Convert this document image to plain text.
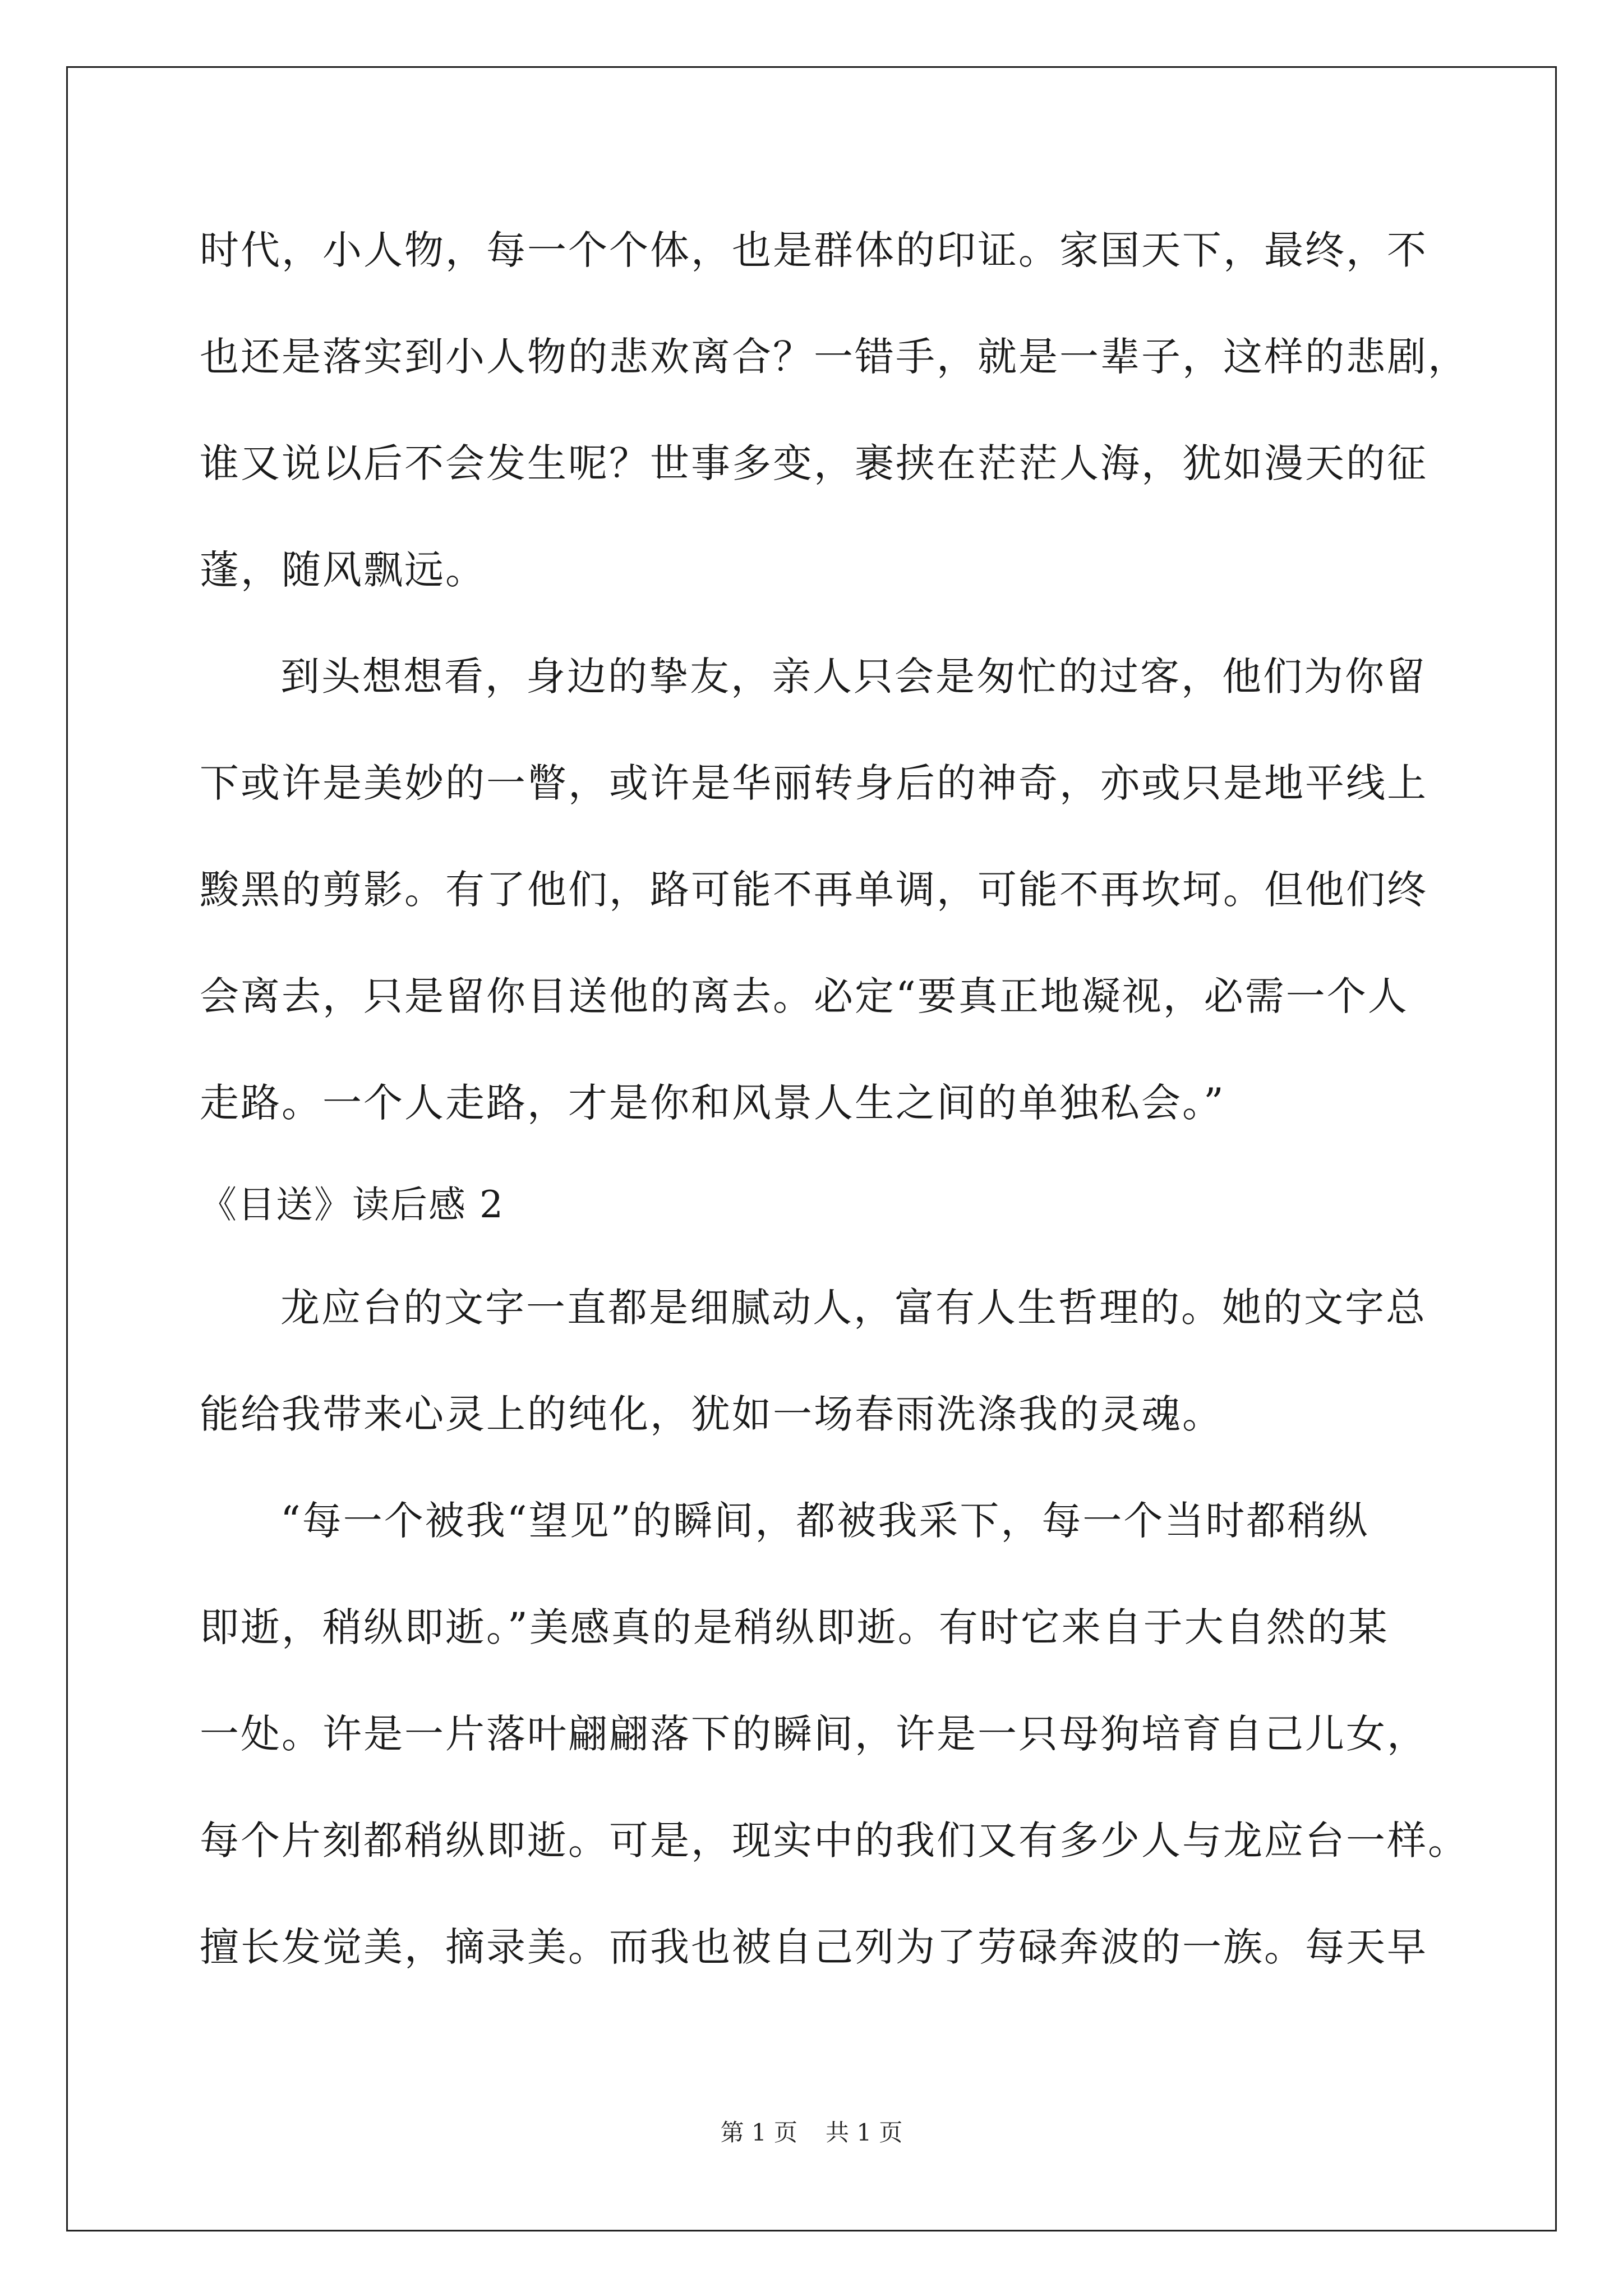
时代，小人物，每一个个体，也是群体的印证。家国天下，最终，不
也还是落实到小人物的悲欢离合？一错手，就是一辈子，这样的悲剧，
谁又说以后不会发生呢？世事多变，裹挟在茫茫人海，犹如漫天的征
蓬，随风飘远。
到头想想看，身边的挚友，亲人只会是匆忙的过客，他们为你留
下或许是美妙的一瞥，或许是华丽转身后的神奇，亦或只是地平线上
黢黑的剪影。有了他们，路可能不再单调，可能不再坎坷。但他们终
会离去，只是留你目送他的离去。必定“要真正地凝视，必需一个人
走路。一个人走路，才是你和风景人生之间的单独私会。”
《目送》读后感 2
龙应台的文字一直都是细腻动人，富有人生哲理的。她的文字总
能给我带来心灵上的纯化，犹如一场春雨洗涤我的灵魂。
“每一个被我“望见”的瞬间，都被我采下，每一个当时都稍纵
即逝，稍纵即逝。”美感真的是稍纵即逝。有时它来自于大自然的某
一处。许是一片落叶翩翩落下的瞬间，许是一只母狗培育自己儿女，
每个片刻都稍纵即逝。可是，现实中的我们又有多少人与龙应台一样。
擅长发觉美，摘录美。而我也被自己列为了劳碌奔波的一族。每天早
第 1 页 共 1 页
